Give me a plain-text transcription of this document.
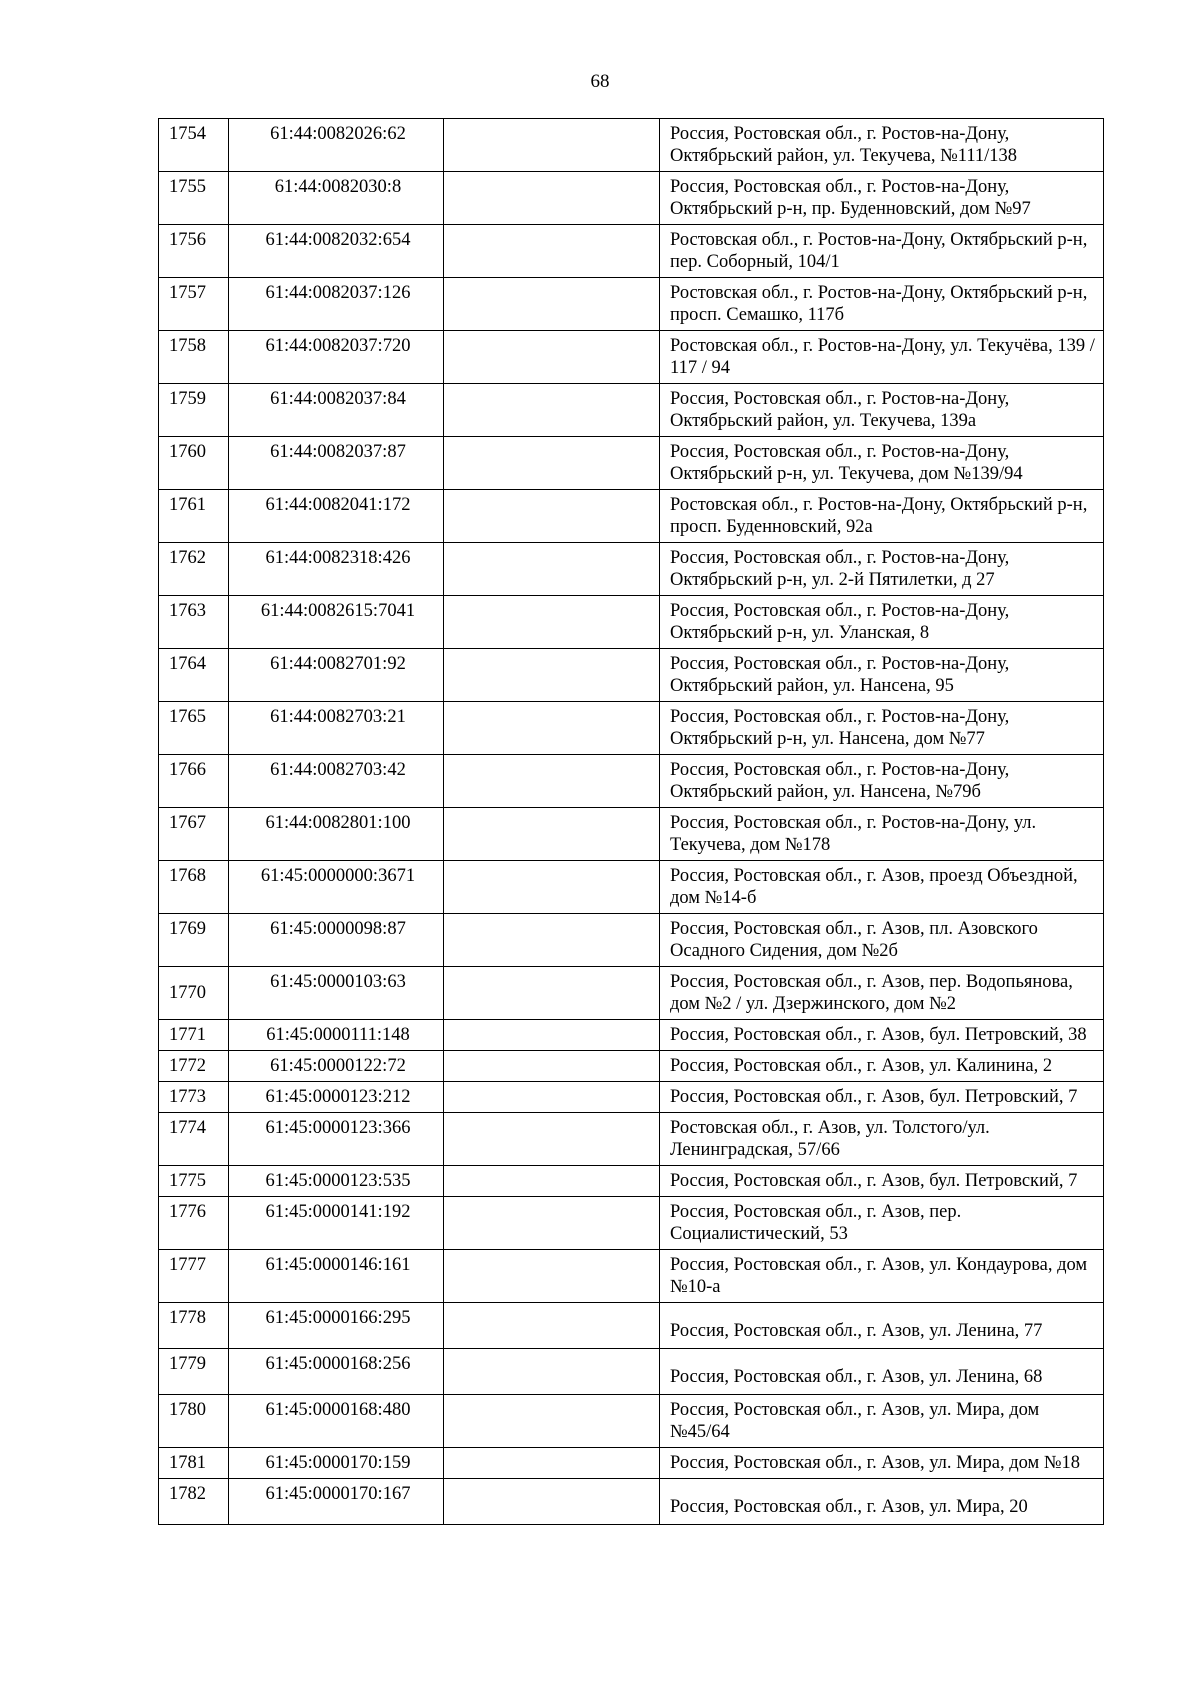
68
1754	61:44:0082026:62		Россия, Ростовская обл., г. Ростов-на-Дону, Октябрьский район, ул. Текучева, №111/138
1755	61:44:0082030:8		Россия, Ростовская обл., г. Ростов-на-Дону, Октябрьский р-н, пр. Буденновский, дом №97
1756	61:44:0082032:654		Ростовская обл., г. Ростов-на-Дону, Октябрьский р-н, пер. Соборный, 104/1
1757	61:44:0082037:126		Ростовская обл., г. Ростов-на-Дону, Октябрьский р-н, просп. Семашко, 117б
1758	61:44:0082037:720		Ростовская обл., г. Ростов-на-Дону, ул. Текучёва, 139 / 117 / 94
1759	61:44:0082037:84		Россия, Ростовская обл., г. Ростов-на-Дону, Октябрьский район, ул. Текучева, 139а
1760	61:44:0082037:87		Россия, Ростовская обл., г. Ростов-на-Дону, Октябрьский р-н, ул. Текучева, дом №139/94
1761	61:44:0082041:172		Ростовская обл., г. Ростов-на-Дону, Октябрьский р-н, просп. Буденновский, 92а
1762	61:44:0082318:426		Россия, Ростовская обл., г. Ростов-на-Дону, Октябрьский р-н, ул. 2-й Пятилетки, д 27
1763	61:44:0082615:7041		Россия, Ростовская обл., г. Ростов-на-Дону, Октябрьский р-н, ул. Уланская, 8
1764	61:44:0082701:92		Россия, Ростовская обл., г. Ростов-на-Дону, Октябрьский район, ул. Нансена, 95
1765	61:44:0082703:21		Россия, Ростовская обл., г. Ростов-на-Дону, Октябрьский р-н, ул. Нансена, дом №77
1766	61:44:0082703:42		Россия, Ростовская обл., г. Ростов-на-Дону, Октябрьский район, ул. Нансена, №79б
1767	61:44:0082801:100		Россия, Ростовская обл., г. Ростов-на-Дону, ул. Текучева, дом №178
1768	61:45:0000000:3671		Россия, Ростовская обл., г. Азов, проезд Объездной, дом №14-б
1769	61:45:0000098:87		Россия, Ростовская обл., г. Азов, пл. Азовского Осадного Сидения, дом №2б
1770	61:45:0000103:63		Россия, Ростовская обл., г. Азов, пер. Водопьянова, дом №2 / ул. Дзержинского, дом №2
1771	61:45:0000111:148		Россия, Ростовская обл., г. Азов, бул. Петровский, 38
1772	61:45:0000122:72		Россия, Ростовская обл., г. Азов, ул. Калинина, 2
1773	61:45:0000123:212		Россия, Ростовская обл., г. Азов, бул. Петровский, 7
1774	61:45:0000123:366		Ростовская обл., г. Азов, ул. Толстого/ул. Ленинградская, 57/66
1775	61:45:0000123:535		Россия, Ростовская обл., г. Азов, бул. Петровский, 7
1776	61:45:0000141:192		Россия, Ростовская обл., г. Азов, пер. Социалистический, 53
1777	61:45:0000146:161		Россия, Ростовская обл., г. Азов, ул. Кондаурова, дом №10-а
1778	61:45:0000166:295		Россия, Ростовская обл., г. Азов, ул. Ленина, 77
1779	61:45:0000168:256		Россия, Ростовская обл., г. Азов, ул. Ленина, 68
1780	61:45:0000168:480		Россия, Ростовская обл., г. Азов, ул. Мира, дом №45/64
1781	61:45:0000170:159		Россия, Ростовская обл., г. Азов, ул. Мира, дом №18
1782	61:45:0000170:167		Россия, Ростовская обл., г. Азов, ул. Мира, 20
